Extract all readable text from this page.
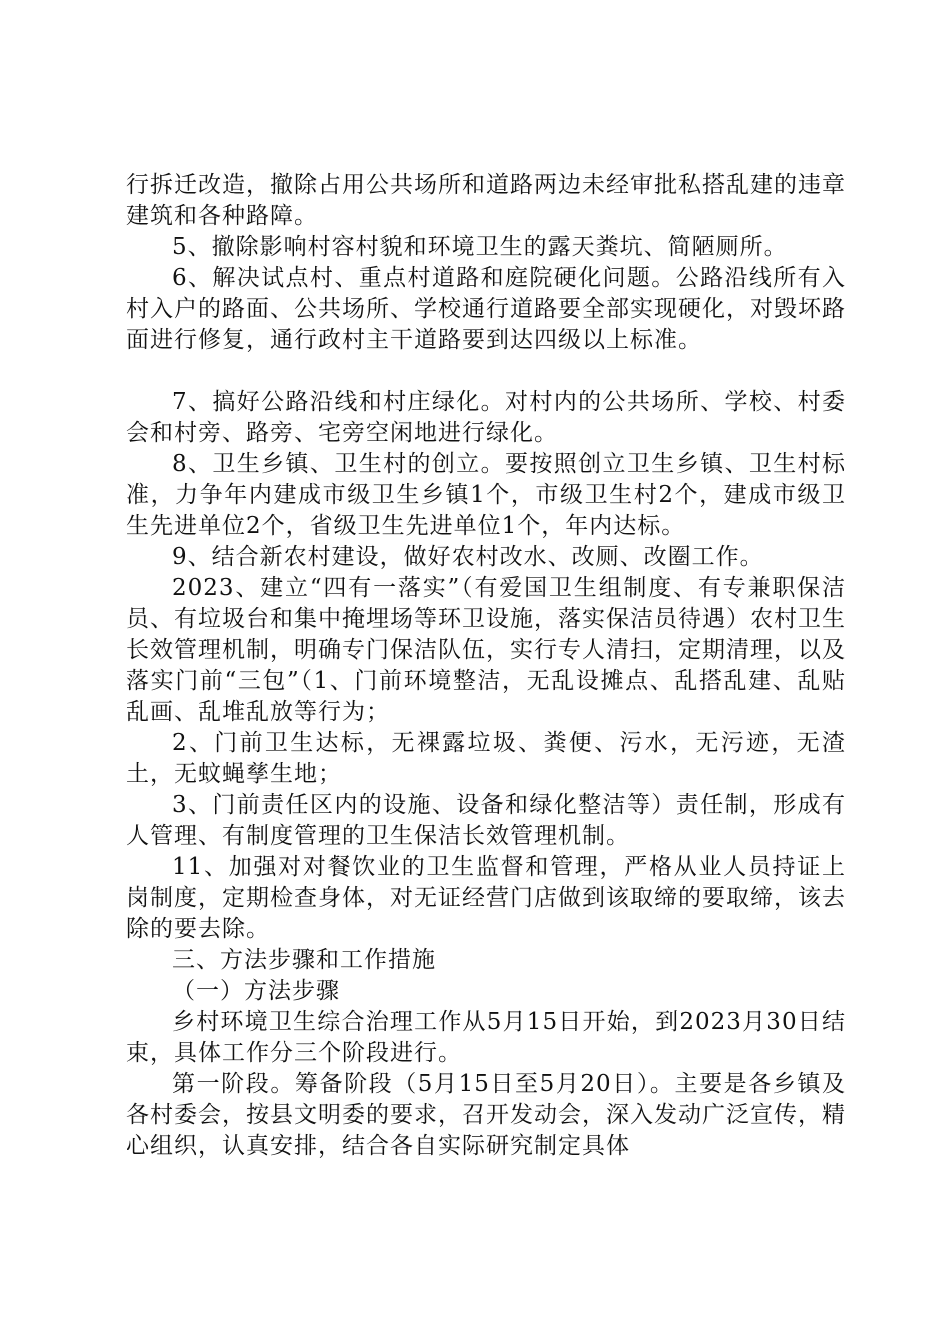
行拆迁改造，撤除占用公共场所和道路两边未经审批私搭乱建的违章建筑和各种路障。

5、撤除影响村容村貌和环境卫生的露天粪坑、简陋厕所。

6、解决试点村、重点村道路和庭院硬化问题。公路沿线所有入村入户的路面、公共场所、学校通行道路要全部实现硬化，对毁坏路面进行修复，通行政村主干道路要到达四级以上标准。

7、搞好公路沿线和村庄绿化。对村内的公共场所、学校、村委会和村旁、路旁、宅旁空闲地进行绿化。

8、卫生乡镇、卫生村的创立。要按照创立卫生乡镇、卫生村标准，力争年内建成市级卫生乡镇1个，市级卫生村2个，建成市级卫生先进单位2个，省级卫生先进单位1个，年内达标。

9、结合新农村建设，做好农村改水、改厕、改圈工作。

2023、建立“四有一落实”（有爱国卫生组制度、有专兼职保洁员、有垃圾台和集中掩埋场等环卫设施，落实保洁员待遇）农村卫生长效管理机制，明确专门保洁队伍，实行专人清扫，定期清理，以及落实门前“三包”（1、门前环境整洁，无乱设摊点、乱搭乱建、乱贴乱画、乱堆乱放等行为；

2、门前卫生达标，无裸露垃圾、粪便、污水，无污迹，无渣土，无蚊蝇孳生地；

3、门前责任区内的设施、设备和绿化整洁等）责任制，形成有人管理、有制度管理的卫生保洁长效管理机制。

11、加强对对餐饮业的卫生监督和管理，严格从业人员持证上岗制度，定期检查身体，对无证经营门店做到该取缔的要取缔，该去除的要去除。

三、方法步骤和工作措施

（一）方法步骤

乡村环境卫生综合治理工作从5月15日开始，到2023月30日结束，具体工作分三个阶段进行。

第一阶段。筹备阶段（5月15日至5月20日）。主要是各乡镇及各村委会，按县文明委的要求，召开发动会，深入发动广泛宣传，精心组织，认真安排，结合各自实际研究制定具体
